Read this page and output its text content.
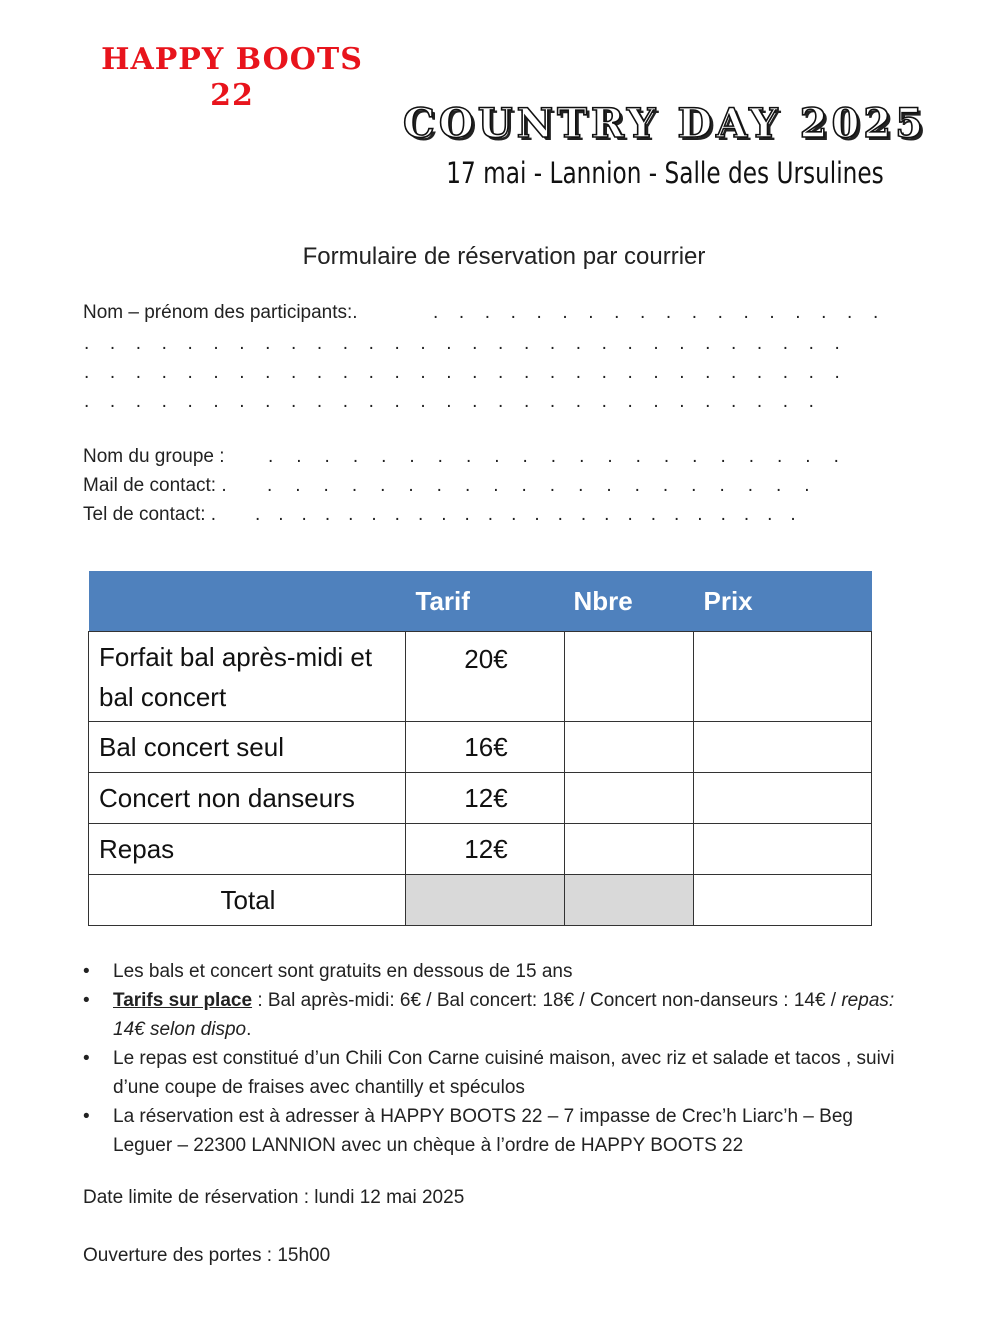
HAPPY BOOTS
22
COUNTRY DAY 2025
17 mai - Lannion - Salle des Ursulines
Formulaire de réservation par courrier
Nom – prénom des participants:.	..................
..............................
..............................
.............................
Nom du groupe : .....................
Mail de contact: . ....................
Tel de contact: . ........................
	Tarif	Nbre	Prix
Forfait bal après-midi et bal concert	20€		
Bal concert seul	16€		
Concert non danseurs	12€		
Repas	12€		
Total			
• Les bals et concert sont gratuits en dessous de 15 ans
• Tarifs sur place : Bal après-midi: 6€ / Bal concert: 18€ / Concert non-danseurs : 14€ / repas: 14€ selon dispo.
• Le repas est constitué d’un Chili Con Carne cuisiné maison, avec riz et salade et tacos , suivi d’une coupe de fraises avec chantilly et spéculos
• La réservation est à adresser à HAPPY BOOTS 22 – 7 impasse de Crec’h Liarc’h – Beg Leguer – 22300 LANNION avec un chèque à l’ordre de HAPPY BOOTS 22
Date limite de réservation : lundi 12 mai 2025
Ouverture des portes : 15h00
